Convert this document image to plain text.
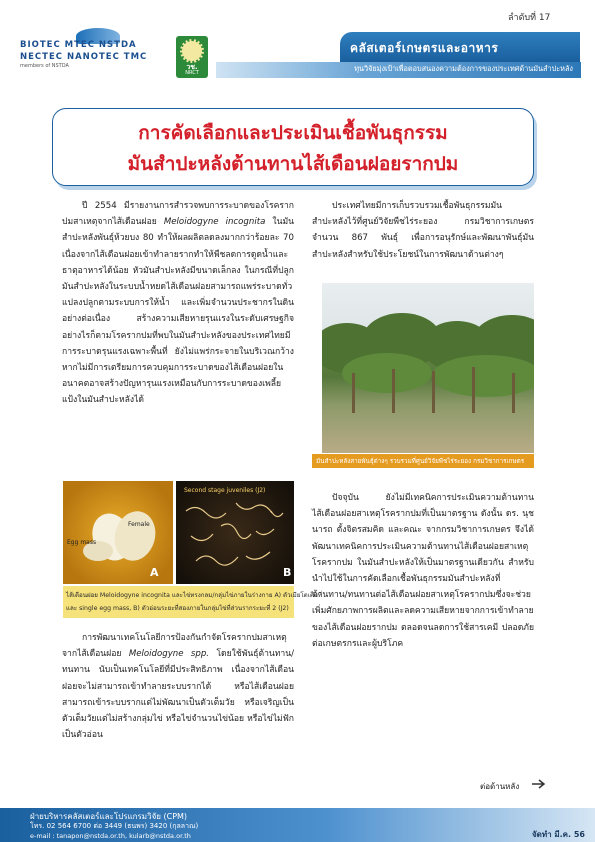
ลำดับที่ 17
BIOTEC MTEC NSTDA
NECTEC NANOTEC TMC
members of NSTDA	วช.
NRCT
คลัสเตอร์เกษตรและอาหาร
ทุนวิจัยมุ่งเป้าเพื่อตอบสนองความต้องการของประเทศด้านมันสำปะหลัง
การคัดเลือกและประเมินเชื้อพันธุกรรม
มันสำปะหลังต้านทานไส้เดือนฝอยรากปม

ปี 2554 มีรายงานการสำรวจพบการระบาดของโรครากปมสาเหตุจากไส้เดือนฝอย Meloidogyne incognita ในมันสำปะหลังพันธุ์ห้วยบง 80 ทำให้ผลผลิตลดลงมากกว่าร้อยละ 70 เนื่องจากไส้เดือนฝอยเข้าทำลายรากทำให้พืชลดการดูดน้ำและธาตุอาหารได้น้อย หัวมันสำปะหลังมีขนาดเล็กลง ในกรณีที่ปลูกมันสำปะหลังในระบบน้ำหยดไส้เดือนฝอยสามารถแพร่ระบาดทั่วแปลงปลูกตามระบบการให้น้ำ และเพิ่มจำนวนประชากรในดินอย่างต่อเนื่อง สร้างความเสียหายรุนแรงในระดับเศรษฐกิจ อย่างไรก็ตามโรครากปมที่พบในมันสำปะหลังของประเทศไทยมีการระบาดรุนแรงเฉพาะพื้นที่ ยังไม่แพร่กระจายในบริเวณกว้าง หากไม่มีการเตรียมการควบคุมการระบาดของไส้เดือนฝอยในอนาคตอาจสร้างปัญหารุนแรงเหมือนกับการระบาดของเพลี้ยแป้งในมันสำปะหลังได้

ประเทศไทยมีการเก็บรวบรวมเชื้อพันธุกรรมมันสำปะหลังไว้ที่ศูนย์วิจัยพืชไร่ระยอง กรมวิชาการเกษตร จำนวน 867 พันธุ์ เพื่อการอนุรักษ์และพัฒนาพันธุ์มันสำปะหลังสำหรับใช้ประโยชน์ในการพัฒนาด้านต่างๆ

มันสำปะหลังสายพันธุ์ต่างๆ รวบรวมที่ศูนย์วิจัยพืชไร่ระยอง กรมวิชาการเกษตร

ปัจจุบัน ยังไม่มีเทคนิคการประเมินความต้านทานไส้เดือนฝอยสาเหตุโรครากปมที่เป็นมาตรฐาน ดังนั้น ดร. นุชนารถ ตั้งจิตรสมคิด และคณะ จากกรมวิชาการเกษตร จึงได้พัฒนาเทคนิคการประเมินความต้านทานไส้เดือนฝอยสาเหตุโรครากปม ในมันสำปะหลังให้เป็นมาตรฐานเดียวกัน สำหรับนำไปใช้ในการคัดเลือกเชื้อพันธุกรรมมันสำปะหลังที่ต้านทาน/ทนทานต่อไส้เดือนฝอยสาเหตุโรครากปมซึ่งจะช่วยเพิ่มศักยภาพการผลิตและลดความเสียหายจากการเข้าทำลายของไส้เดือนฝอยรากปม ตลอดจนลดการใช้สารเคมี ปลอดภัยต่อเกษตรกรและผู้บริโภค

Female
Egg mass
A
Second stage juveniles (J2)
B
ไส้เดือนฝอย Meloidogyne incognita และไข่ทรงกลม/กลุ่มไข่ภายในร่างกาย A) ตัวเมียโตเต็มที่
และ single egg mass, B) ตัวอ่อนระยะที่สองภายในกลุ่มไข่ที่ส่วนรากระยะที่ 2 (J2)

การพัฒนาเทคโนโลยีการป้องกันกำจัดโรครากปมสาเหตุจากไส้เดือนฝอย Meloidogyne spp. โดยใช้พันธุ์ต้านทาน/ทนทาน นับเป็นเทคโนโลยีที่มีประสิทธิภาพ เนื่องจากไส้เดือนฝอยจะไม่สามารถเข้าทำลายระบบรากได้ หรือไส้เดือนฝอยสามารถเข้าระบบรากแต่ไม่พัฒนาเป็นตัวเต็มวัย หรือเจริญเป็นตัวเต็มวัยแต่ไม่สร้างกลุ่มไข่ หรือไข่จำนวนไข่น้อย หรือไข่ไม่ฟักเป็นตัวอ่อน

ต่อด้านหลัง
ฝ่ายบริหารคลัสเตอร์และโปรแกรมวิจัย (CPM)
โทร. 02 564 6700 ต่อ 3449 (ธนพร) 3420 (กุลลาณ)
e-mail : tanapon@nstda.or.th, kularb@nstda.or.th	จัดทำ มี.ค. 56
